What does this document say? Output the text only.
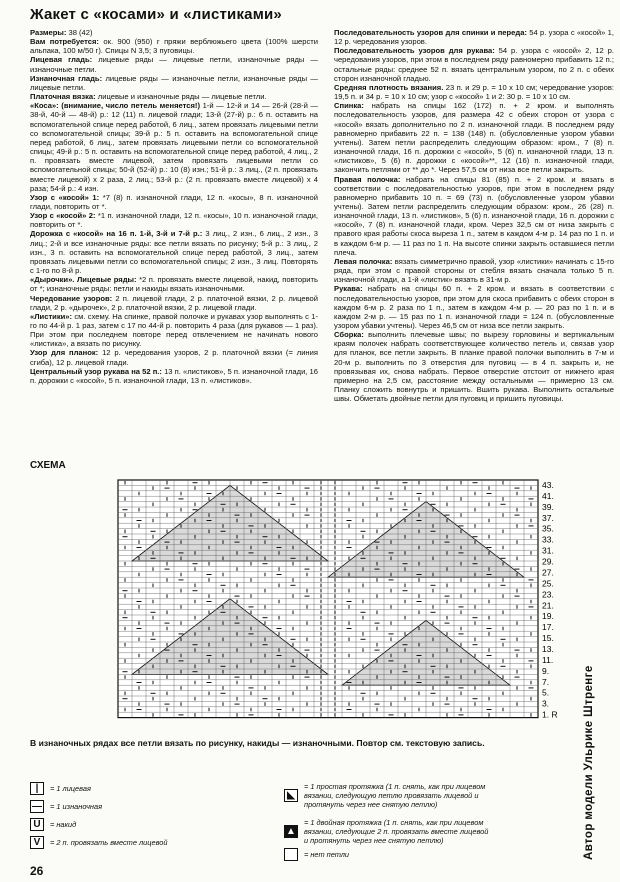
Жакет с «косами» и «листиками»

Размеры: 38 (42)

Вам потребуется: ок. 900 (950) г пряжи верблюжьего цвета (100% шерсти альпака, 100 м/50 г). Спицы N 3,5; 3 пуговицы.

Лицевая гладь: лицевые ряды — лицевые петли, изнаночные ряды — изнаночные петли.

Изнаночная гладь: лицевые ряды — изнаночные петли, изнаночные ряды — лицевые петли.

Платочная вязка: лицевые и изнаночные ряды — лицевые петли.

«Коса»: (внимание, число петель меняется!) 1-й — 12-й и 14 — 26-й (28-й — 38-й, 40-й — 48-й) р.: 12 (11) п. лицевой глади; 13-й (27-й) р.: 6 п. оставить на вспомогательной спице перед работой, 6 лиц., затем провязать лицевыми петли со вспомогательной спицы; 39-й р.: 5 п. оставить на вспомогательной спице перед работой, 6 лиц., затем провязать лицевыми петли со вспомогательной спицы; 49-й р.: 5 п. оставить на вспомогательной спице перед работой, 4 лиц., 2 п. провязать вместе лицевой, затем провязать лицевыми петли со вспомогательной спицы; 50-й (52-й) р.: 10 (8) изн.; 51-й р.: 3 лиц., (2 п. провязать вместе лицевой) x 2 раза, 2 лиц.; 53-й р.: (2 п. провязать вместе лицевой) x 4 раза; 54-й р.: 4 изн.

Узор с «косой» 1: *7 (8) п. изнаночной глади, 12 п. «косы», 8 п. изнаночной глади, повторить от *.

Узор с «косой» 2: *1 п. изнаночной глади, 12 п. «косы», 10 п. изнаночной глади, повторить от *.

Дорожка с «косой» на 16 п. 1-й, 3-й и 7-й р.: 3 лиц., 2 изн., 6 лиц., 2 изн., 3 лиц.; 2-й и все изнаночные ряды: все петли вязать по рисунку; 5-й р.: 3 лиц., 2 изн., 3 п. оставить на вспомогательной спице перед работой, 3 лиц., затем провязать лицевыми петли со вспомогательной спицы; 2 изн., 3 лиц. Повторять с 1-го по 8-й р.

«Дырочки». Лицевые ряды: *2 п. провязать вместе лицевой, накид, повторить от *; изнаночные ряды: петли и накиды вязать изнаночными.

Чередование узоров: 2 п. лицевой глади, 2 р. платочной вязки, 2 р. лицевой глади, 2 р. «дырочек», 2 р. платочной вязки, 2 р. лицевой глади.

«Листики»: см. схему. На спинке, правой полочке и рукавах узор выполнять с 1-го по 44-й р. 1 раз, затем с 17 по 44-й р. повторить 4 раза (для рукавов — 1 раз). При этом при последнем повторе перед отвлечением не начинать нового «листика», а вязать по рисунку.

Узор для планок: 12 р. чередования узоров, 2 р. платочной вязки (= линия сгиба), 12 р. лицевой глади.

Центральный узор рукава на 52 п.: 13 п. «листиков», 5 п. изнаночной глади, 16 п. дорожки с «косой», 5 п. изнаночной глади, 13 п. «листиков».

Последовательность узоров для спинки и переда: 54 р. узора с «косой» 1, 12 р. чередования узоров.

Последовательность узоров для рукава: 54 р. узора с «косой» 2, 12 р. чередования узоров, при этом в последнем ряду равномерно прибавить 12 п.; остальные ряды: среднее 52 п. вязать центральным узором, по 2 п. с обеих сторон изнаночной гладью.

Средняя плотность вязания. 23 п. и 29 р. = 10 x 10 см; чередование узоров: 19,5 п. и 34 р. = 10 x 10 см; узор с «косой» 1 и 2: 30 р. = 10 x 10 см.

Спинка: набрать на спицы 162 (172) п. + 2 кром. и выполнять последовательность узоров, для размера 42 с обеих сторон от узора с «косой» вязать дополнительно по 2 п. изнаночной глади. В последнем ряду равномерно прибавить 22 п. = 138 (148) п. (обусловленные узором убавки учтены). Затем петли распределить следующим образом: кром., 7 (8) п. изнаночной глади, 16 п. дорожки с «косой», 5 (6) п. изнаночной глади, 13 п. «листиков», 5 (6) п. дорожки с «косой»**, 12 (16) п. изнаночной глади, закончить петлями от ** до *. Через 57,5 см от низа все петли закрыть.

Правая полочка: набрать на спицы 81 (85) п. + 2 кром. и вязать в соответствии с последовательностью узоров, при этом в последнем ряду равномерно прибавить 10 п. = 69 (73) п. (обусловленные узором убавки учтены). Затем петли распределить следующим образом: кром., 26 (28) п. изнаночной глади, 13 п. «листиков», 5 (6) п. изнаночной глади, 16 п. дорожки с «косой», 7 (8) п. изнаночной глади, кром. Через 32,5 см от низа закрыть с правого края работы скоса выреза 1 п., затем в каждом 4-м р. 14 раз по 1 п. и в каждом 6-м р. — 11 раз по 1 п. На высоте спинки закрыть оставшиеся петли плеча.

Левая полочка: вязать симметрично правой, узор «листики» начинать с 15-го ряда, при этом с правой стороны от стебля вязать сначала только 5 п. изнаночной глади, а 1-й «листик» вязать в 31-м р.

Рукава: набрать на спицы 60 п. + 2 кром. и вязать в соответствии с последовательностью узоров, при этом для скоса прибавить с обеих сторон в каждом 6-м р. 2 раза по 1 п., затем в каждом 4-м р. — 20 раз по 1 п. и в каждом 2-м р. — 15 раз по 1 п. изнаночной глади = 124 п. (обусловленные узором убавки учтены). Через 46,5 см от низа все петли закрыть.

Сборка: выполнить плечевые швы; по вырезу горловины и вертикальным краям полочек набрать соответствующее количество петель и, связав узор для планок, все петли закрыть. В планке правой полочки выполнить в 7-м и 20-м р. выполнить по 3 отверстия для пуговиц — в 4 п. закрыть и, не провязывая их, снова набрать. Первое отверстие отстоит от нижнего края примерно на 2,5 см, расстояние между остальными — примерно 13 см. Планку сложить вовнутрь и пришить. Вшить рукава. Выполнить остальные швы. Обметать двойные петли для пуговиц и пришить пуговицы.

СХЕМА
43.
41.
39.
37.
35.
33.
31.
29.
27.
25.
23.
21.
19.
17.
15.
13.
11.
9.
7.
5.
3.
1. R
В изнаночных рядах все петли вязать по рисунку, накиды — изнаночными. Повтор см. текстовую запись.
|	= 1 лицевая
— = 1 изнаночная
U	= накид
V	= 2 п. провязать вместе лицевой
◣
= 1 простая протяжка (1 п. снять, как при лицевом вязании, следующую петлю провязать лицевой и протянуть через нее снятую петлю)
▲
= 1 двойная протяжка (1 п. снять, как при лицевом вязании, следующие 2 п. провязать вместе лицевой и протянуть через нее снятую петлю)
= нет петли	Автор модели Ульрике Штренге
26
